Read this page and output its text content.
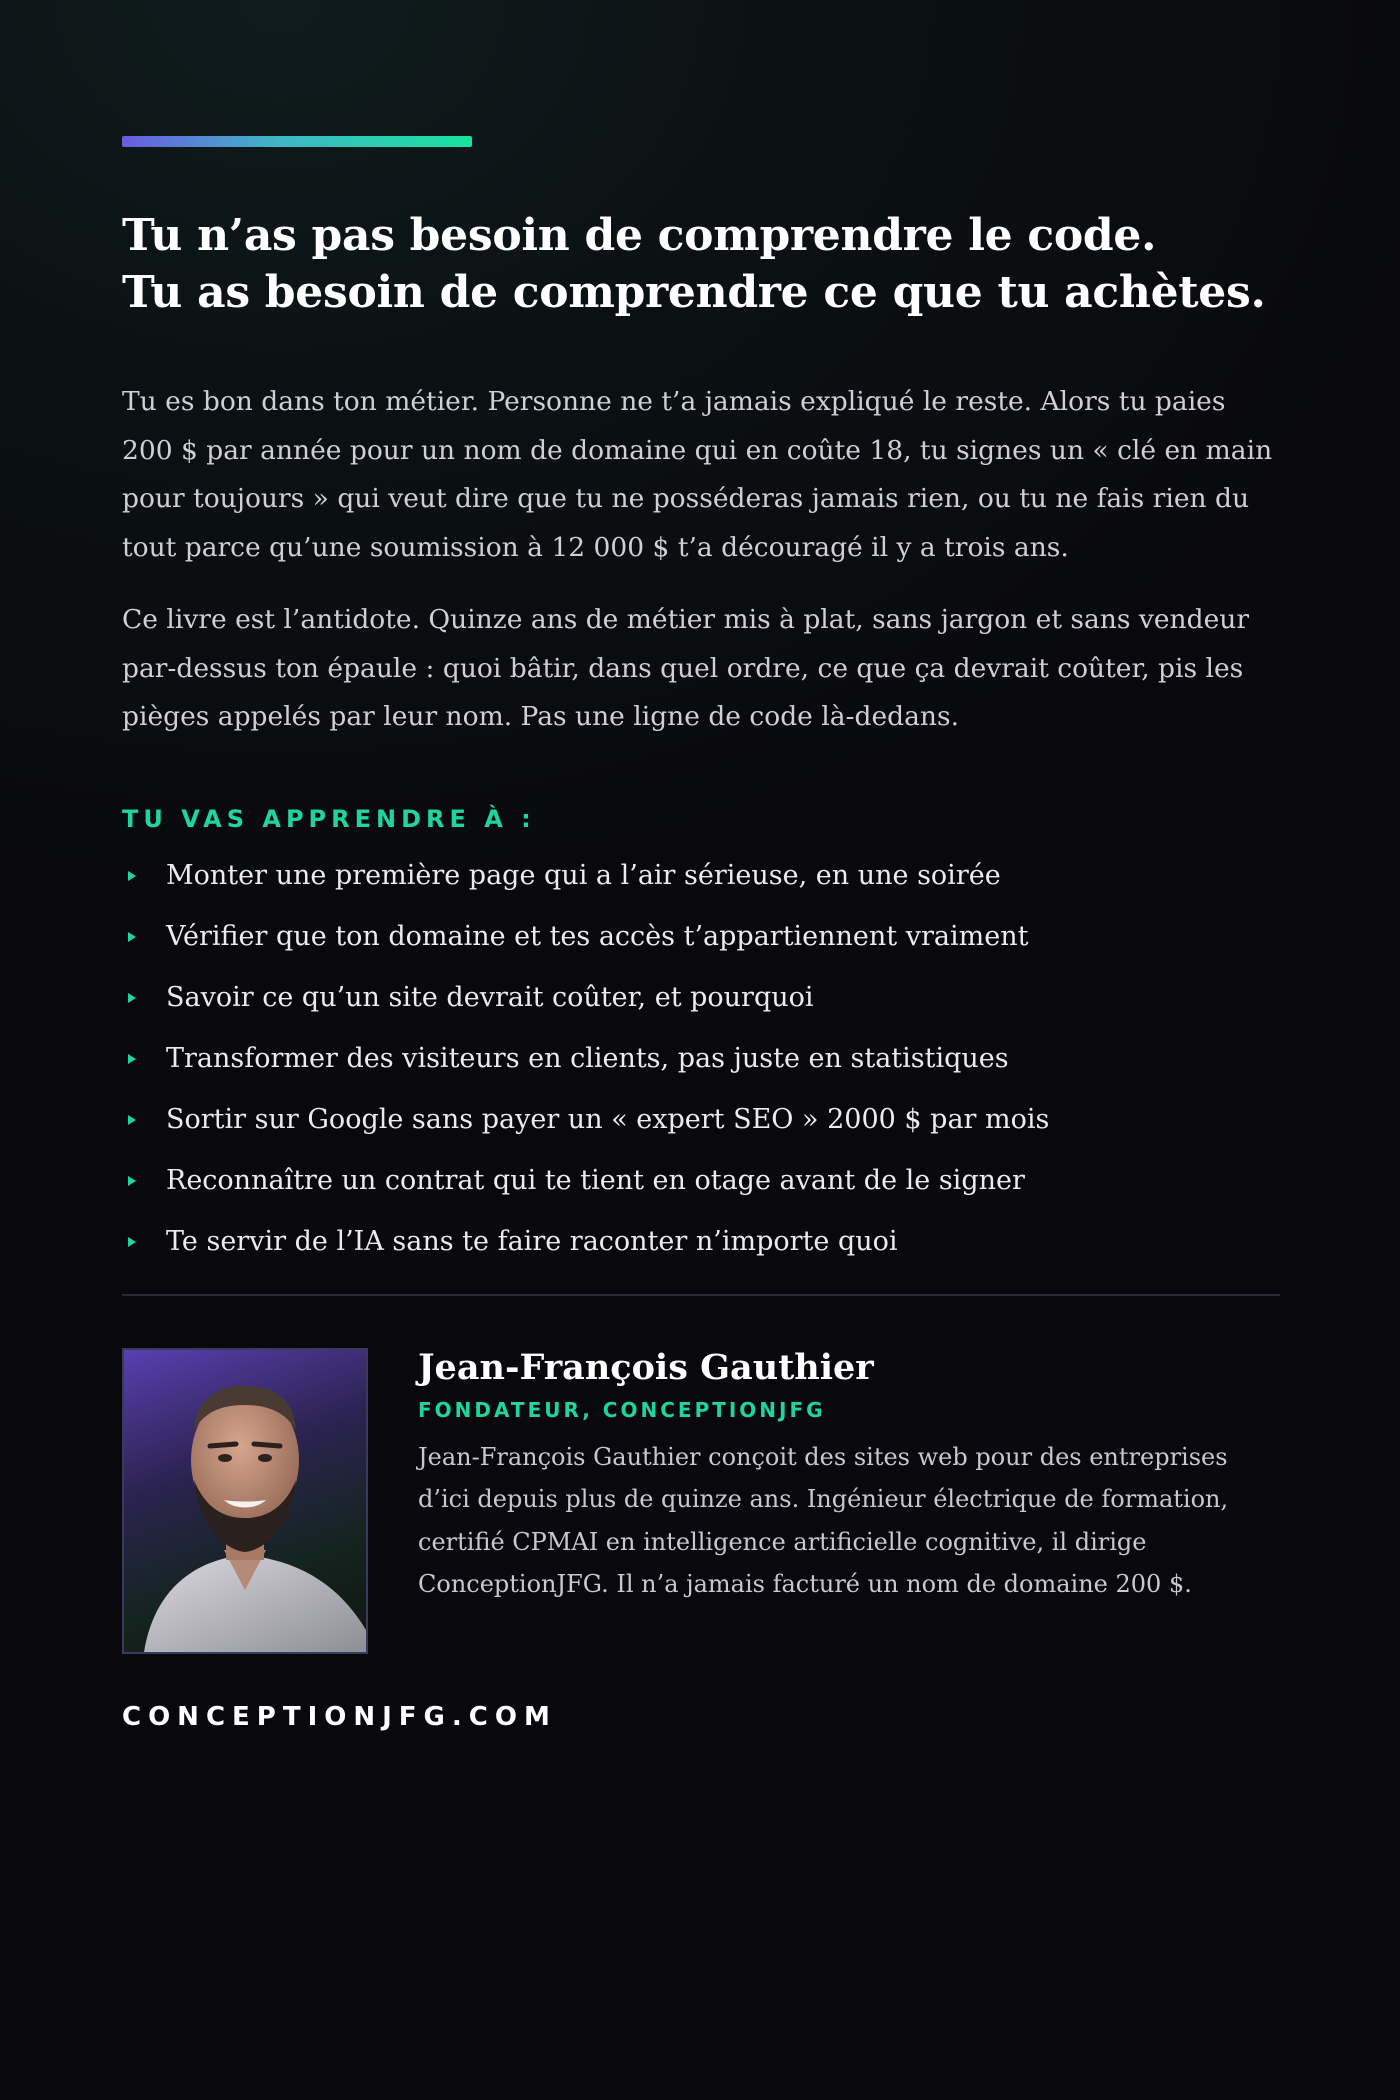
Tu n’as pas besoin de comprendre le code.
Tu as besoin de comprendre ce que tu achètes.

Tu es bon dans ton métier. Personne ne t’a jamais expliqué le reste. Alors tu paies 200 $ par année pour un nom de domaine qui en coûte 18, tu signes un « clé en main pour toujours » qui veut dire que tu ne posséderas jamais rien, ou tu ne fais rien du tout parce qu’une soumission à 12 000 $ t’a découragé il y a trois ans.

Ce livre est l’antidote. Quinze ans de métier mis à plat, sans jargon et sans vendeur par-dessus ton épaule : quoi bâtir, dans quel ordre, ce que ça devrait coûter, pis les pièges appelés par leur nom. Pas une ligne de code là-dedans.

TU VAS APPRENDRE À :
Monter une première page qui a l’air sérieuse, en une soirée
Vérifier que ton domaine et tes accès t’appartiennent vraiment
Savoir ce qu’un site devrait coûter, et pourquoi
Transformer des visiteurs en clients, pas juste en statistiques
Sortir sur Google sans payer un « expert SEO » 2000 $ par mois
Reconnaître un contrat qui te tient en otage avant de le signer
Te servir de l’IA sans te faire raconter n’importe quoi
Jean-François Gauthier
FONDATEUR, CONCEPTIONJFG
Jean-François Gauthier conçoit des sites web pour des entreprises d’ici depuis plus de quinze ans. Ingénieur électrique de formation, certifié CPMAI en intelligence artificielle cognitive, il dirige ConceptionJFG. Il n’a jamais facturé un nom de domaine 200 $.
CONCEPTIONJFG.COM
